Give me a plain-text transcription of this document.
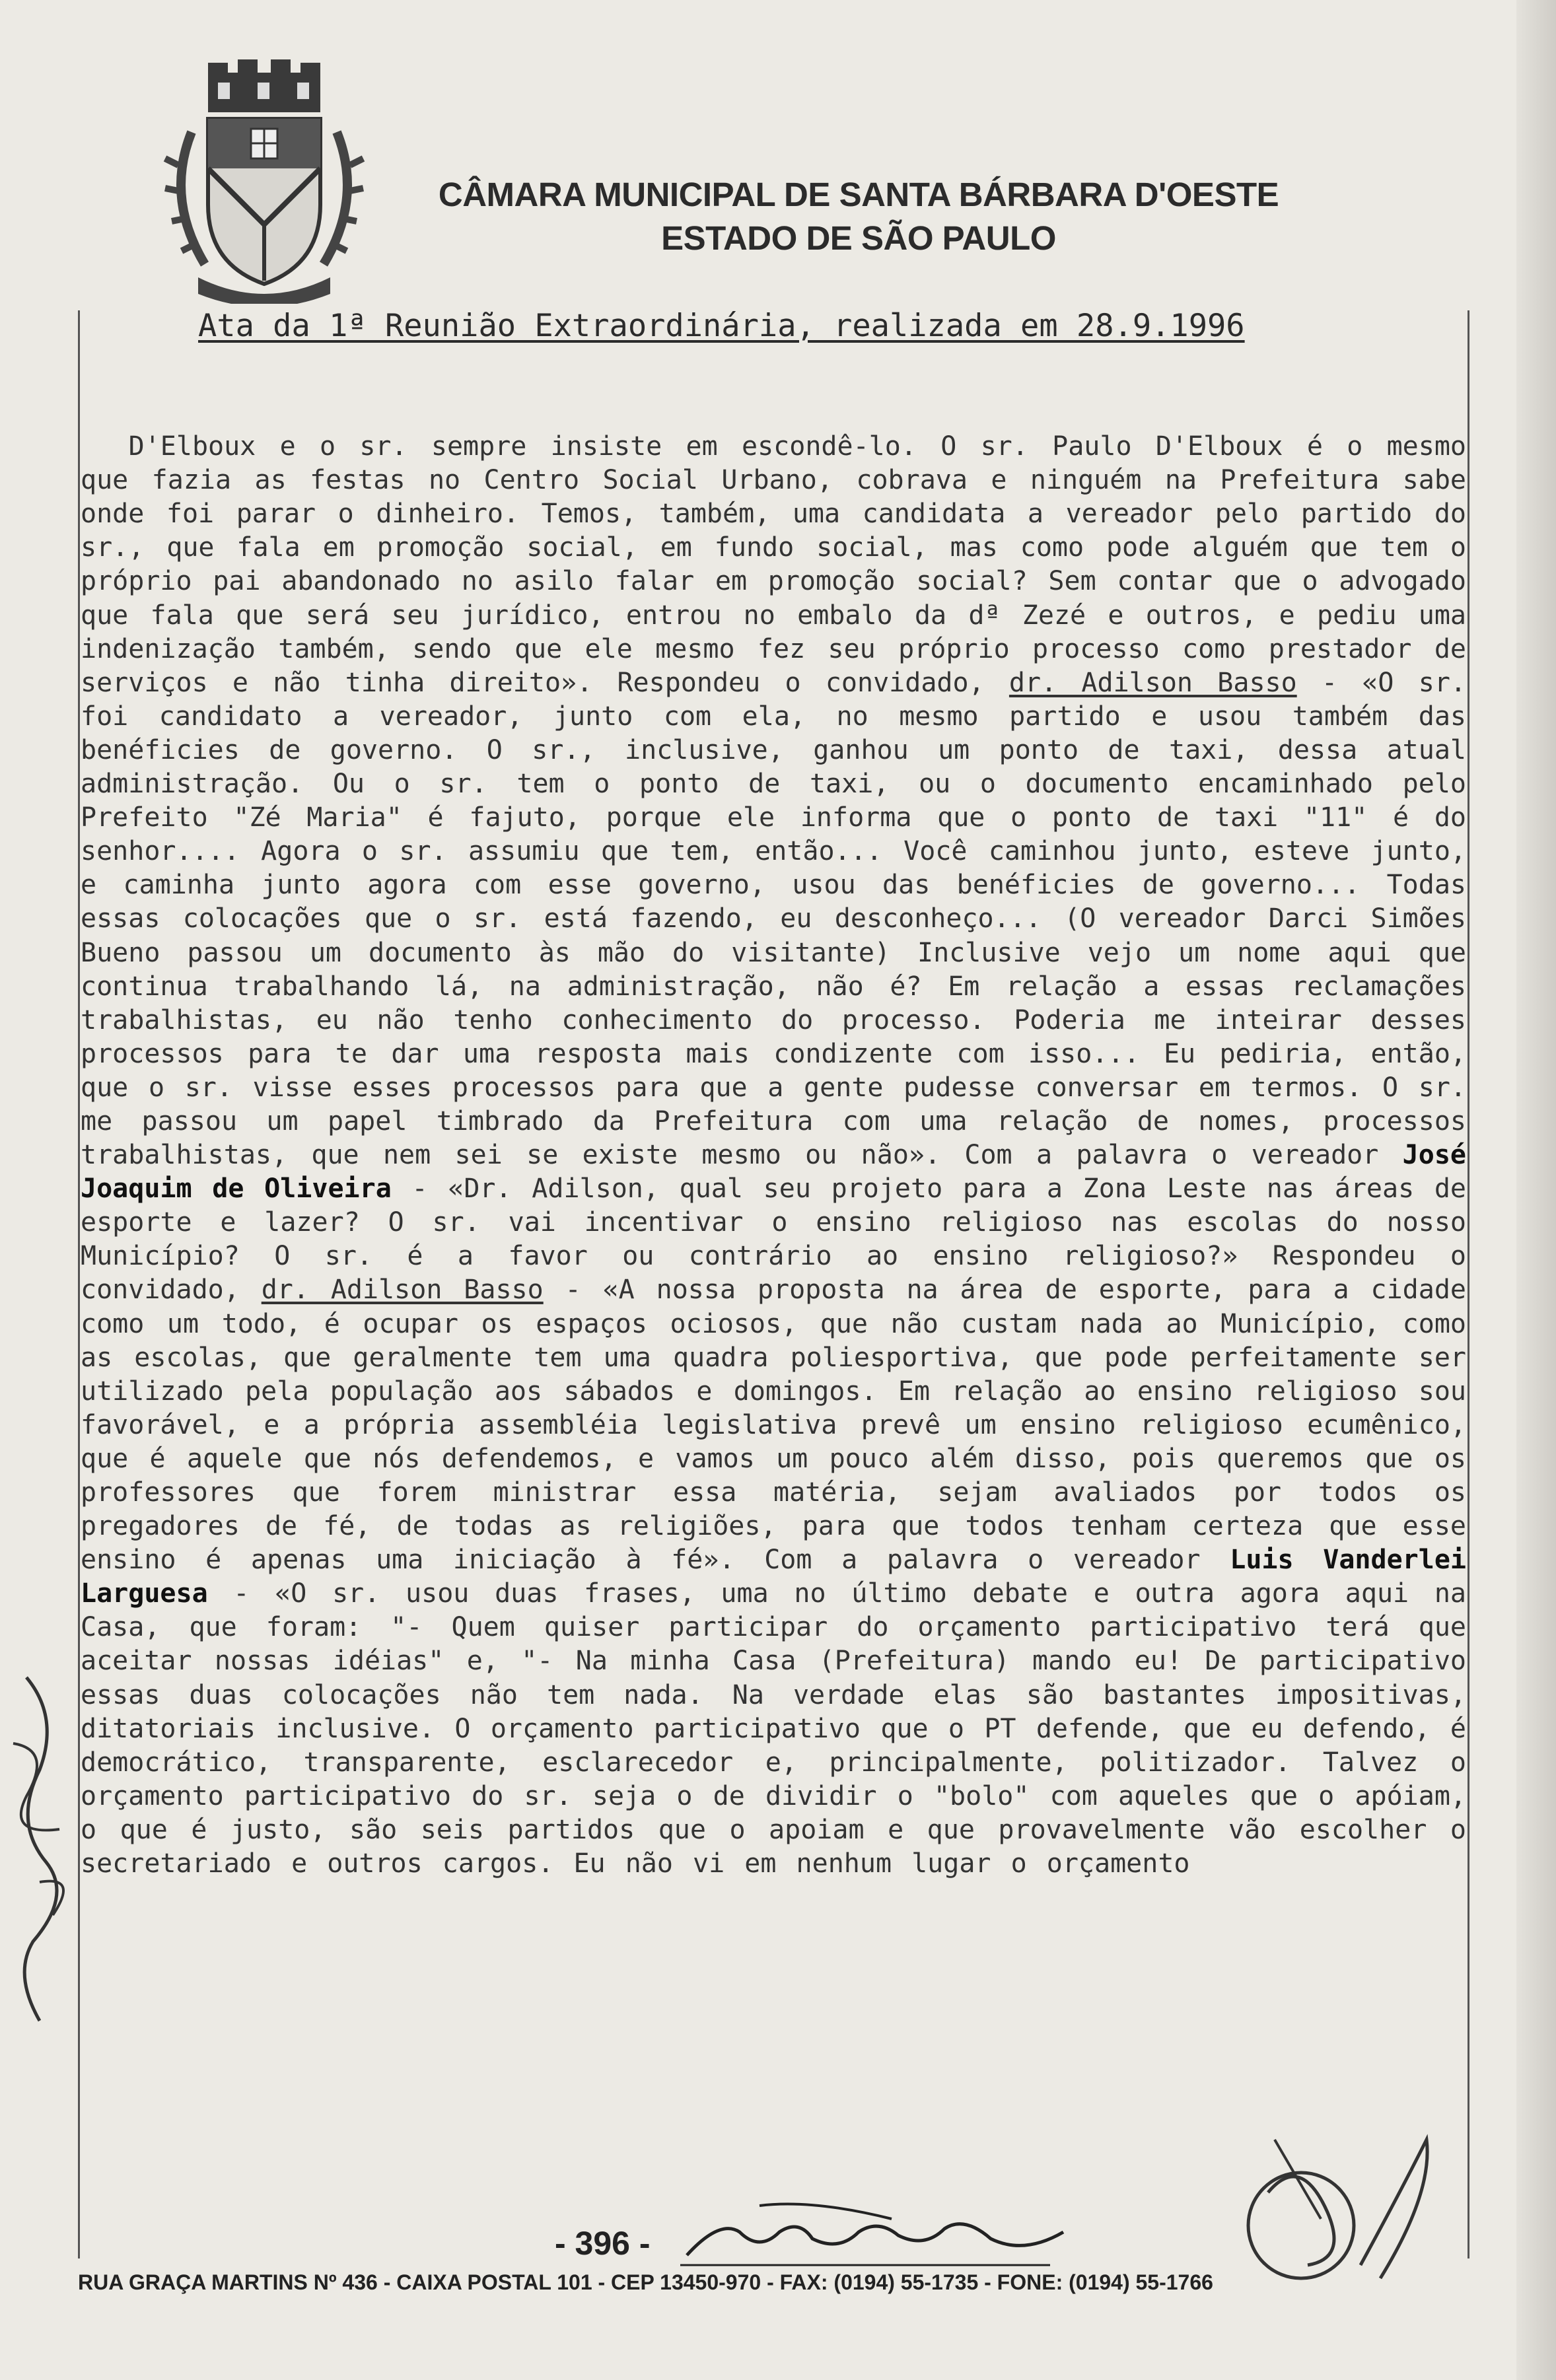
CÂMARA MUNICIPAL DE SANTA BÁRBARA D'OESTE
ESTADO DE SÃO PAULO
Ata da 1ª Reunião Extraordinária, realizada em 28.9.1996

D'Elboux e o sr. sempre insiste em escondê-lo. O sr. Paulo D'Elboux é o mesmo que fazia as festas no Centro Social Urbano, cobrava e ninguém na Prefeitura sabe onde foi parar o dinheiro. Temos, também, uma candidata a vereador pelo partido do sr., que fala em promoção social, em fundo social, mas como pode alguém que tem o próprio pai abandonado no asilo falar em promoção social? Sem contar que o advogado que fala que será seu jurídico, entrou no embalo da dª Zezé e outros, e pediu uma indenização também, sendo que ele mesmo fez seu próprio processo como prestador de serviços e não tinha direito». Respondeu o convidado, dr. Adilson Basso - «O sr. foi candidato a vereador, junto com ela, no mesmo partido e usou também das benéficies de governo. O sr., inclusive, ganhou um ponto de taxi, dessa atual administração. Ou o sr. tem o ponto de taxi, ou o documento encaminhado pelo Prefeito "Zé Maria" é fajuto, porque ele informa que o ponto de taxi "11" é do senhor.... Agora o sr. assumiu que tem, então... Você caminhou junto, esteve junto, e caminha junto agora com esse governo, usou das benéficies de governo... Todas essas colocações que o sr. está fazendo, eu desconheço... (O vereador Darci Simões Bueno passou um documento às mão do visitante) Inclusive vejo um nome aqui que continua trabalhando lá, na administração, não é? Em relação a essas reclamações trabalhistas, eu não tenho conhecimento do processo. Poderia me inteirar desses processos para te dar uma resposta mais condizente com isso... Eu pediria, então, que o sr. visse esses processos para que a gente pudesse conversar em termos. O sr. me passou um papel timbrado da Prefeitura com uma relação de nomes, processos trabalhistas, que nem sei se existe mesmo ou não». Com a palavra o vereador José Joaquim de Oliveira - «Dr. Adilson, qual seu projeto para a Zona Leste nas áreas de esporte e lazer? O sr. vai incentivar o ensino religioso nas escolas do nosso Município? O sr. é a favor ou contrário ao ensino religioso?» Respondeu o convidado, dr. Adilson Basso - «A nossa proposta na área de esporte, para a cidade como um todo, é ocupar os espaços ociosos, que não custam nada ao Município, como as escolas, que geralmente tem uma quadra poliesportiva, que pode perfeitamente ser utilizado pela população aos sábados e domingos. Em relação ao ensino religioso sou favorável, e a própria assembléia legislativa prevê um ensino religioso ecumênico, que é aquele que nós defendemos, e vamos um pouco além disso, pois queremos que os professores que forem ministrar essa matéria, sejam avaliados por todos os pregadores de fé, de todas as religiões, para que todos tenham certeza que esse ensino é apenas uma iniciação à fé». Com a palavra o vereador Luis Vanderlei Larguesa - «O sr. usou duas frases, uma no último debate e outra agora aqui na Casa, que foram: "- Quem quiser participar do orçamento participativo terá que aceitar nossas idéias" e, "- Na minha Casa (Prefeitura) mando eu! De participativo essas duas colocações não tem nada. Na verdade elas são bastantes impositivas, ditatoriais inclusive. O orçamento participativo que o PT defende, que eu defendo, é democrático, transparente, esclarecedor e, principalmente, politizador. Talvez o orçamento participativo do sr. seja o de dividir o "bolo" com aqueles que o apóiam, o que é justo, são seis partidos que o apoiam e que provavelmente vão escolher o secretariado e outros cargos. Eu não vi em nenhum lugar o orçamento

- 396 -
RUA GRAÇA MARTINS Nº 436 - CAIXA POSTAL 101 - CEP 13450-970 - FAX: (0194) 55-1735 - FONE: (0194) 55-1766
